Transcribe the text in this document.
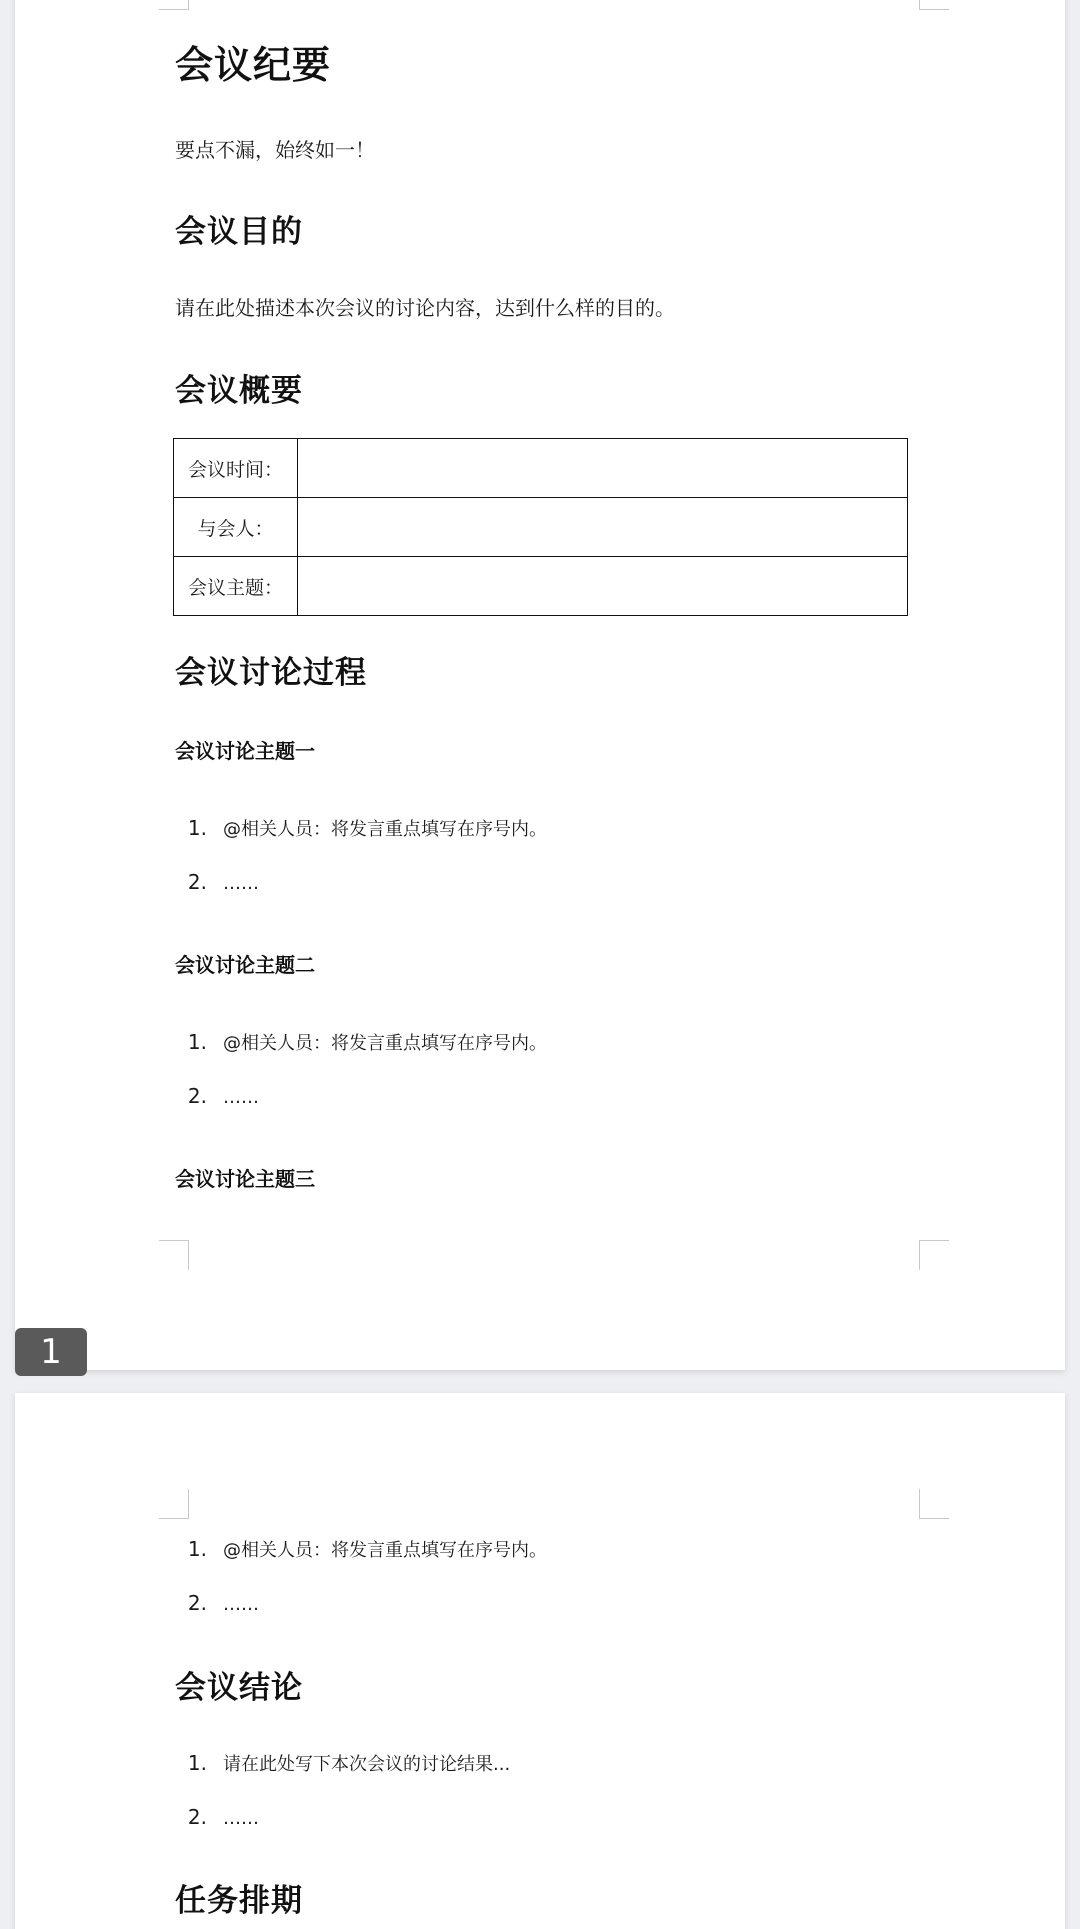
会议纪要
要点不漏，始终如一！
会议目的
请在此处描述本次会议的讨论内容，达到什么样的目的。
会议概要
会议时间：	
与会人：	
会议主题：	
会议讨论过程
会议讨论主题一
1. @相关人员：将发言重点填写在序号内。
2. ……
会议讨论主题二
1. @相关人员：将发言重点填写在序号内。
2. ……
会议讨论主题三
1
1. @相关人员：将发言重点填写在序号内。
2. ……
会议结论
1. 请在此处写下本次会议的讨论结果...
2. ……
任务排期
